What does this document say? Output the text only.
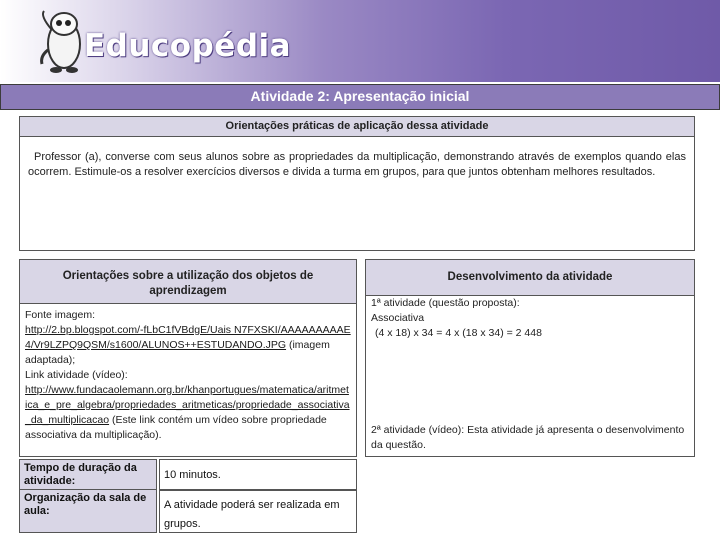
Educopédia
Atividade 2: Apresentação inicial
Orientações práticas de aplicação dessa atividade
Professor (a), converse com seus alunos sobre as propriedades da multiplicação, demonstrando através de exemplos quando elas ocorrem. Estimule-os a resolver exercícios diversos e divida a turma em grupos, para que juntos obtenham melhores resultados.
Orientações sobre a utilização dos objetos de aprendizagem
Fonte imagem:
http://2.bp.blogspot.com/-fLbC1fVBdgE/Uais N7FXSKI/AAAAAAAAAE4/Vr9LZPQ9QSM/s1600/ALUNOS++ESTUDANDO.JPG (imagem adaptada);
Link atividade (vídeo):
http://www.fundacaolemann.org.br/khanportugues/matematica/aritmetica_e_pre_algebra/propriedades_aritmeticas/propriedade_associativa_da_multiplicacao (Este link contém um vídeo sobre propriedade associativa da multiplicação).
Tempo de duração da atividade:	10 minutos.
Organização da sala de aula:	A atividade poderá ser realizada em grupos.
Desenvolvimento da atividade
1ª atividade (questão proposta):
Associativa
(4 x 18) x 34 = 4 x (18 x 34) = 2 448
2ª atividade (vídeo): Esta atividade já apresenta o desenvolvimento da questão.
